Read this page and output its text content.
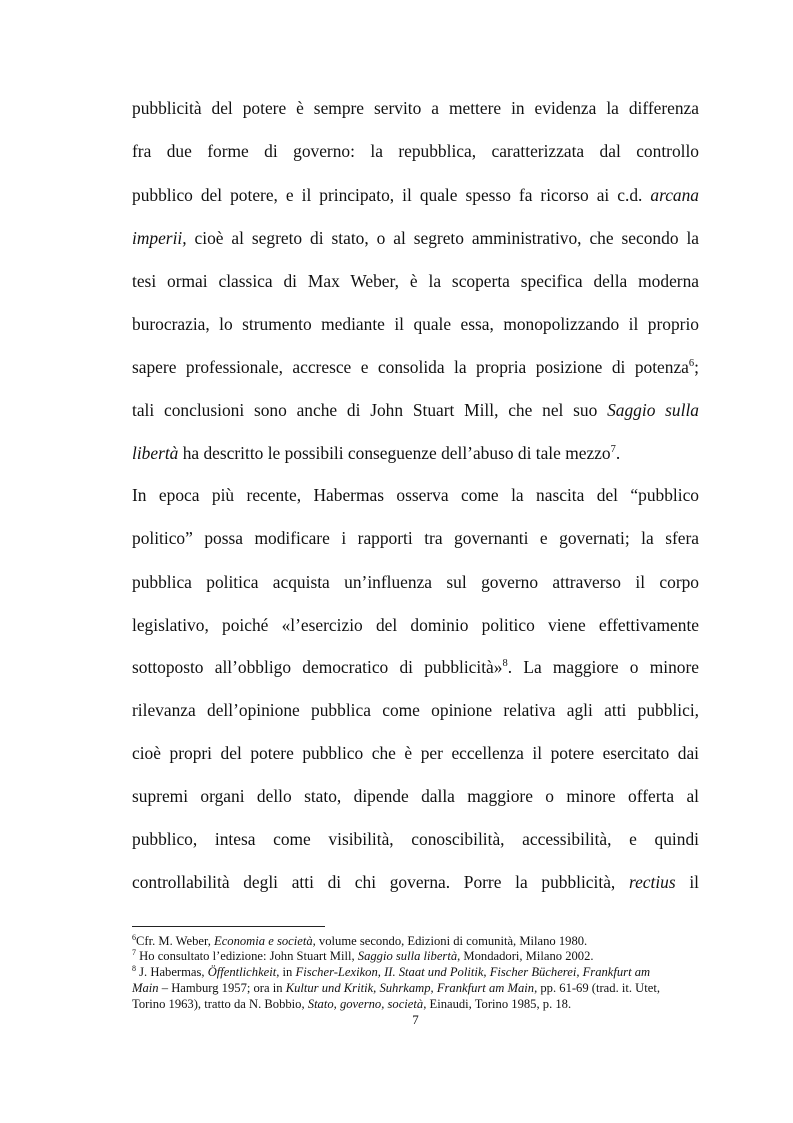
pubblicità del potere è sempre servito a mettere in evidenza la differenza
fra due forme di governo: la repubblica, caratterizzata dal controllo
pubblico del potere, e il principato, il quale spesso fa ricorso ai c.d. arcana
imperii, cioè al segreto di stato, o al segreto amministrativo, che secondo la
tesi ormai classica di Max Weber, è la scoperta specifica della moderna
burocrazia, lo strumento mediante il quale essa, monopolizzando il proprio
sapere professionale, accresce e consolida la propria posizione di potenza$^6$;
tali conclusioni sono anche di John Stuart Mill, che nel suo Saggio sulla
libertà ha descritto le possibili conseguenze dell’abuso di tale mezzo$^7$.
In epoca più recente, Habermas osserva come la nascita del “pubblico
politico” possa modificare i rapporti tra governanti e governati; la sfera
pubblica politica acquista un’influenza sul governo attraverso il corpo
legislativo, poiché «l’esercizio del dominio politico viene effettivamente
sottoposto all’obbligo democratico di pubblicità»$^8$. La maggiore o minore
rilevanza dell’opinione pubblica come opinione relativa agli atti pubblici,
cioè propri del potere pubblico che è per eccellenza il potere esercitato dai
supremi organi dello stato, dipende dalla maggiore o minore offerta al
pubblico, intesa come visibilità, conoscibilità, accessibilità, e quindi
controllabilità degli atti di chi governa. Porre la pubblicità, rectius il
$^6$Cfr. M. Weber, Economia e società, volume secondo, Edizioni di comunità, Milano 1980.
$^7$ Ho consultato l’edizione: John Stuart Mill, Saggio sulla libertà, Mondadori, Milano 2002.
$^8$ J. Habermas, Öffentlichkeit, in Fischer-Lexikon, II. Staat und Politik, Fischer Bücherei, Frankfurt am
Main – Hamburg 1957; ora in Kultur und Kritik, Suhrkamp, Frankfurt am Main, pp. 61-69 (trad. it. Utet,
Torino 1963), tratto da N. Bobbio, Stato, governo, società, Einaudi, Torino 1985, p. 18.
7
